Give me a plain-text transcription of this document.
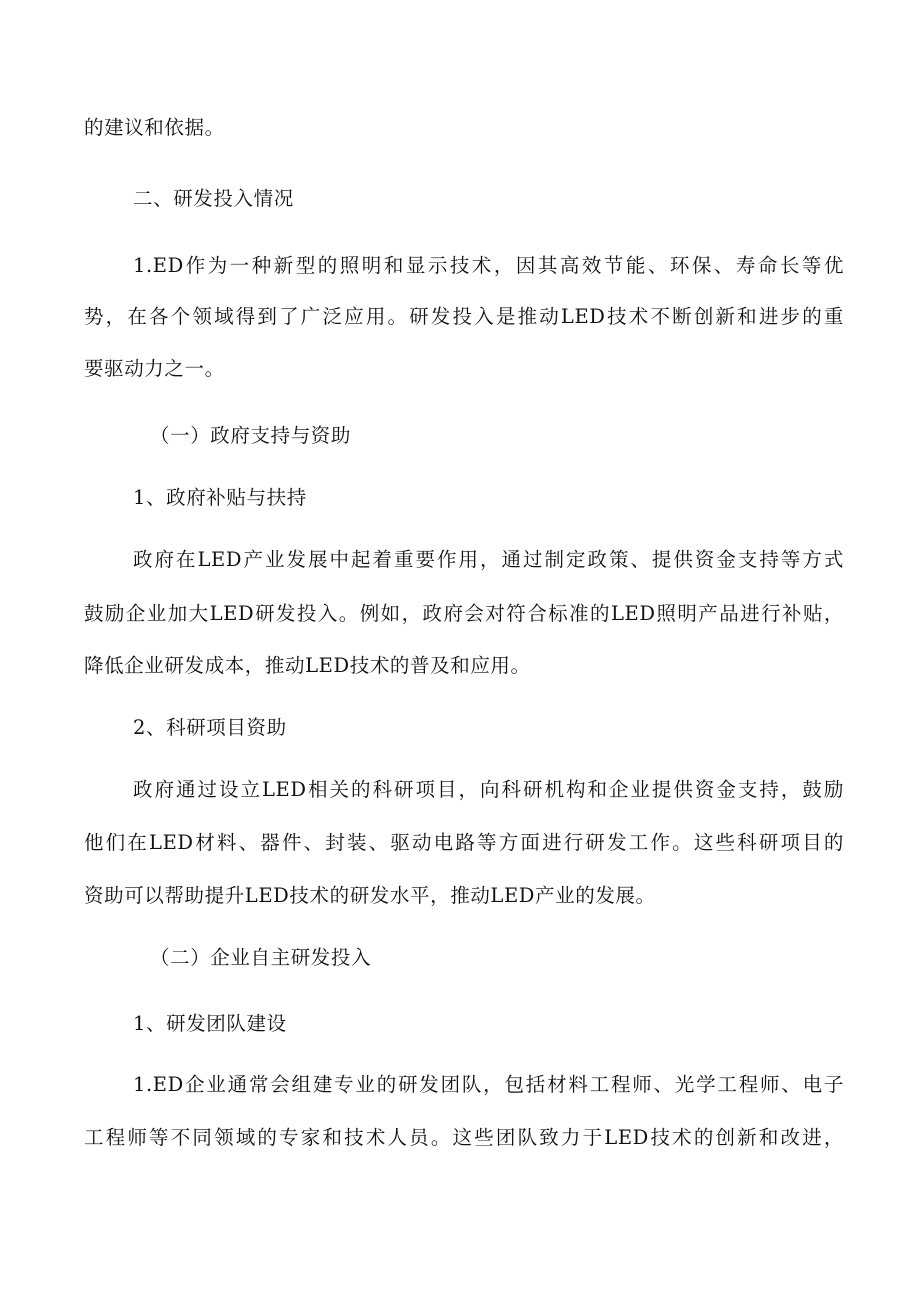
的建议和依据。
二、研发投入情况
1.ED作为一种新型的照明和显示技术，因其高效节能、环保、寿命长等优
势，在各个领域得到了广泛应用。研发投入是推动LED技术不断创新和进步的重
要驱动力之一。
（一）政府支持与资助
1、政府补贴与扶持
政府在LED产业发展中起着重要作用，通过制定政策、提供资金支持等方式
鼓励企业加大LED研发投入。例如，政府会对符合标准的LED照明产品进行补贴，
降低企业研发成本，推动LED技术的普及和应用。
2、科研项目资助
政府通过设立LED相关的科研项目，向科研机构和企业提供资金支持，鼓励
他们在LED材料、器件、封装、驱动电路等方面进行研发工作。这些科研项目的
资助可以帮助提升LED技术的研发水平，推动LED产业的发展。
（二）企业自主研发投入
1、研发团队建设
1.ED企业通常会组建专业的研发团队，包括材料工程师、光学工程师、电子
工程师等不同领域的专家和技术人员。这些团队致力于LED技术的创新和改进，
